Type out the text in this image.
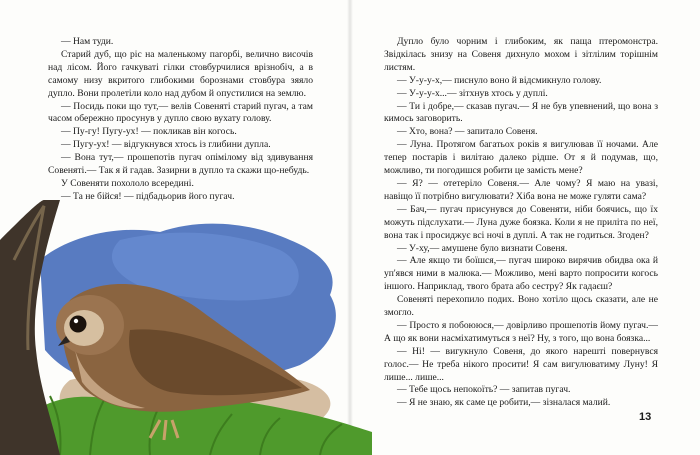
— Нам туди.

Старий дуб, що ріс на маленькому пагорбі, велично височів над лісом. Його гачкуваті гілки стовбурчилися врізнобіч, а в самому низу вкритого глибокими борознами стовбура зяяло дупло. Вони пролетіли коло над дубом й опустилися на землю.

— Посидь поки що тут,— велів Совеняті старий пугач, а там часом обережно просунув у дупло свою вухату голову.

— Пу-гу! Пугу-ух! — покликав він когось.

— Пугу-ух! — відгукнувся хтось із глибини дупла.

— Вона тут,— прошепотів пугач опімілому від здивування Совеняті.— Так я й гадав. Зазирни в дупло та скажи що-небудь.

У Совеняти похололо всередині.

— Та не бійся! — підбадьорив його пугач.

Дупло було чорним і глибоким, як паща птеромонстра. Звідкілась знизу на Совеня дихнуло мохом і зітлілим торішнім листям.

— У-у-у-х,— писнуло воно й відсмикнуло голову.

— У-у-у-х...— зітхнув хтось у дуплі.

— Ти і добре,— сказав пугач.— Я не був упевнений, що вона з кимось заговорить.

— Хто, вона? — запитало Совеня.

— Луна. Протягом багатьох років я вигулював її ночами. Але тепер постарів і вилітаю далеко рідше. От я й подумав, що, можливо, ти погодишся робити це замість мене?

— Я? — отетеріло Совеня.— Але чому? Я маю на увазі, навіщо її потрібно вигулювати? Хіба вона не може гуляти сама?

— Бач,— пугач присунувся до Совеняти, ніби боячись, що їх можуть підслухати.— Луна дуже боязка. Коли я не приліта по неї, вона так і просиджує всі ночі в дуплі. А так не годиться. Згоден?

— У-ху,— амушене було визнати Совеня.

— Але якщо ти боїшся,— пугач широко вирячив обидва ока й уп'явся ними в малюка.— Можливо, мені варто попросити когось іншого. Наприклад, твого брата або сестру? Як гадаєш?

Совеняті перехопило подих. Воно хотіло щось сказати, але не змогло.

— Просто я побоююся,— довірливо прошепотів йому пугач.— А що як вони насміхатимуться з неї? Ну, з того, що вона боязка...

— Ні! — вигукнуло Совеня, до якого нарешті повернувся голос.— Не треба нікого просити! Я сам вигулюватиму Луну! Я лише... лише...

— Тебе щось непокоїть? — запитав пугач.

— Я не знаю, як саме це робити,— зізналася малий.

13
